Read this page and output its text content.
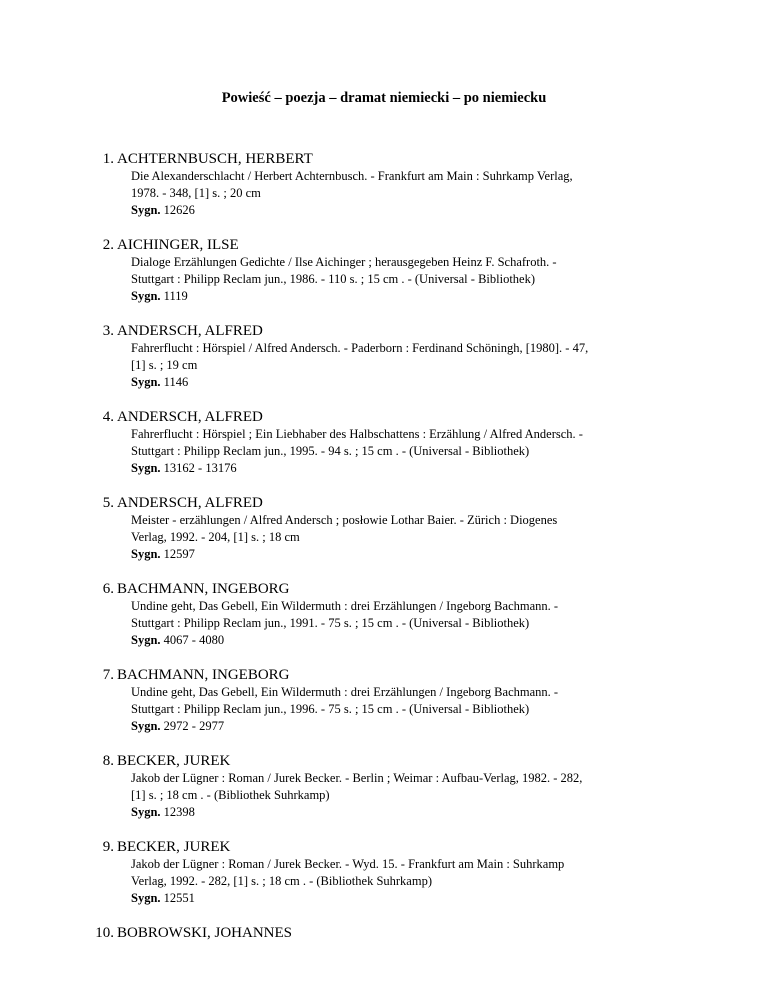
Powieść – poezja – dramat niemiecki – po niemiecku
1. ACHTERNBUSCH, HERBERT
Die Alexanderschlacht / Herbert Achternbusch. - Frankfurt am Main : Suhrkamp Verlag,
1978. - 348, [1] s. ; 20 cm
Sygn. 12626
2. AICHINGER, ILSE
Dialoge Erzählungen Gedichte / Ilse Aichinger ; herausgegeben Heinz F. Schafroth. -
Stuttgart : Philipp Reclam jun., 1986. - 110 s. ; 15 cm . - (Universal - Bibliothek)
Sygn. 1119
3. ANDERSCH, ALFRED
Fahrerflucht : Hörspiel / Alfred Andersch. - Paderborn : Ferdinand Schöningh, [1980]. - 47,
[1] s. ; 19 cm
Sygn. 1146
4. ANDERSCH, ALFRED
Fahrerflucht : Hörspiel ; Ein Liebhaber des Halbschattens : Erzählung / Alfred Andersch. -
Stuttgart : Philipp Reclam jun., 1995. - 94 s. ; 15 cm . - (Universal - Bibliothek)
Sygn. 13162 - 13176
5. ANDERSCH, ALFRED
Meister - erzählungen / Alfred Andersch ; posłowie Lothar Baier. - Zürich : Diogenes
Verlag, 1992. - 204, [1] s. ; 18 cm
Sygn. 12597
6. BACHMANN, INGEBORG
Undine geht, Das Gebell, Ein Wildermuth : drei Erzählungen / Ingeborg Bachmann. -
Stuttgart : Philipp Reclam jun., 1991. - 75 s. ; 15 cm . - (Universal - Bibliothek)
Sygn. 4067 - 4080
7. BACHMANN, INGEBORG
Undine geht, Das Gebell, Ein Wildermuth : drei Erzählungen / Ingeborg Bachmann. -
Stuttgart : Philipp Reclam jun., 1996. - 75 s. ; 15 cm . - (Universal - Bibliothek)
Sygn. 2972 - 2977
8. BECKER, JUREK
Jakob der Lügner : Roman / Jurek Becker. - Berlin ; Weimar : Aufbau-Verlag, 1982. - 282,
[1] s. ; 18 cm . - (Bibliothek Suhrkamp)
Sygn. 12398
9. BECKER, JUREK
Jakob der Lügner : Roman / Jurek Becker. - Wyd. 15. - Frankfurt am Main : Suhrkamp
Verlag, 1992. - 282, [1] s. ; 18 cm . - (Bibliothek Suhrkamp)
Sygn. 12551
10. BOBROWSKI, JOHANNES
